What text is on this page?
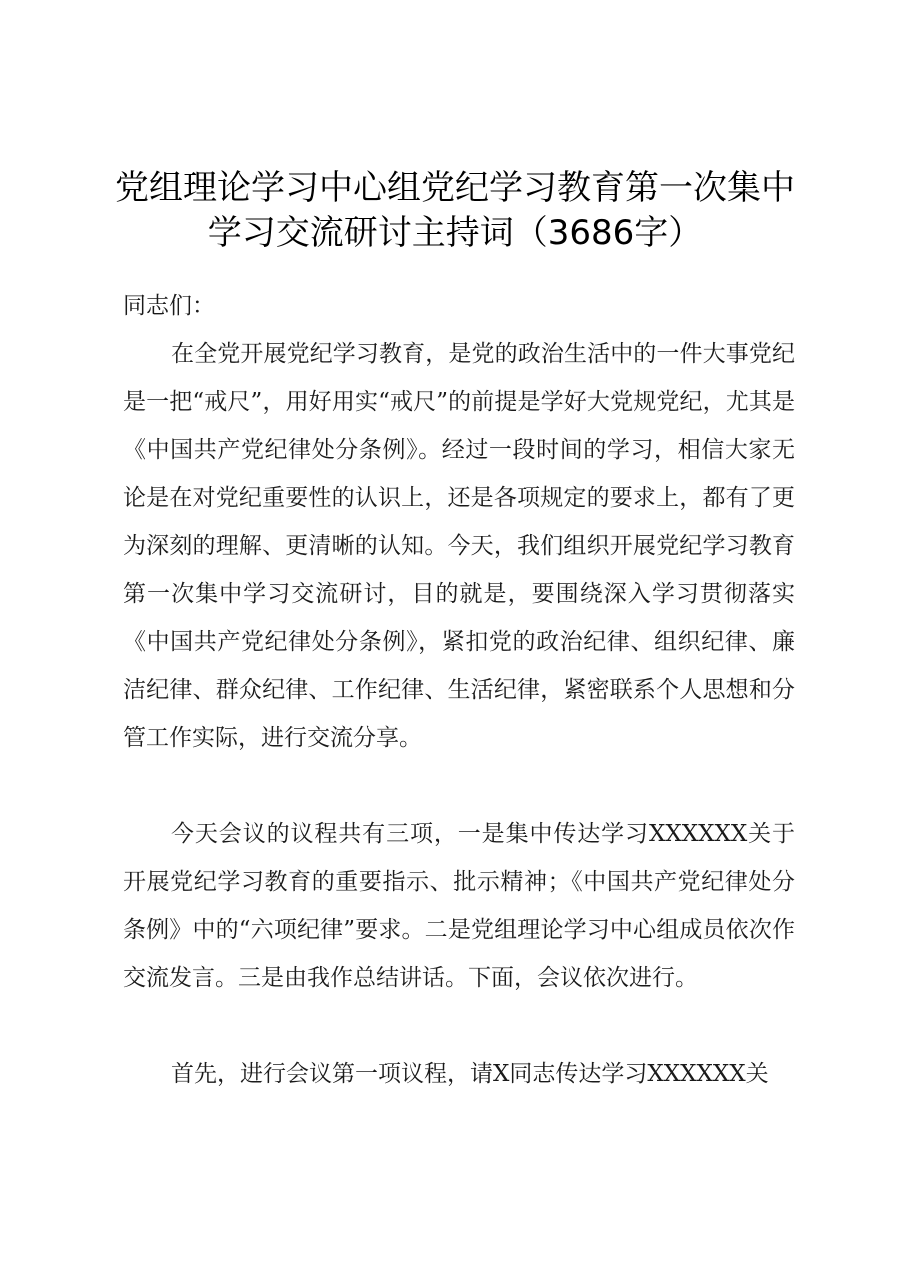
党组理论学习中心组党纪学习教育第一次集中
学习交流研讨主持词（3686字）

同志们：

在全党开展党纪学习教育，是党的政治生活中的一件大事党纪是一把“戒尺”，用好用实“戒尺”的前提是学好大党规党纪，尤其是《中国共产党纪律处分条例》。经过一段时间的学习，相信大家无论是在对党纪重要性的认识上，还是各项规定的要求上，都有了更为深刻的理解、更清晰的认知。今天，我们组织开展党纪学习教育第一次集中学习交流研讨，目的就是，要围绕深入学习贯彻落实《中国共产党纪律处分条例》，紧扣党的政治纪律、组织纪律、廉洁纪律、群众纪律、工作纪律、生活纪律，紧密联系个人思想和分管工作实际，进行交流分享。

今天会议的议程共有三项，一是集中传达学习XXXXXX关于开展党纪学习教育的重要指示、批示精神；《中国共产党纪律处分条例》中的“六项纪律”要求。二是党组理论学习中心组成员依次作交流发言。三是由我作总结讲话。下面，会议依次进行。

首先，进行会议第一项议程，请X同志传达学习XXXXXX关
